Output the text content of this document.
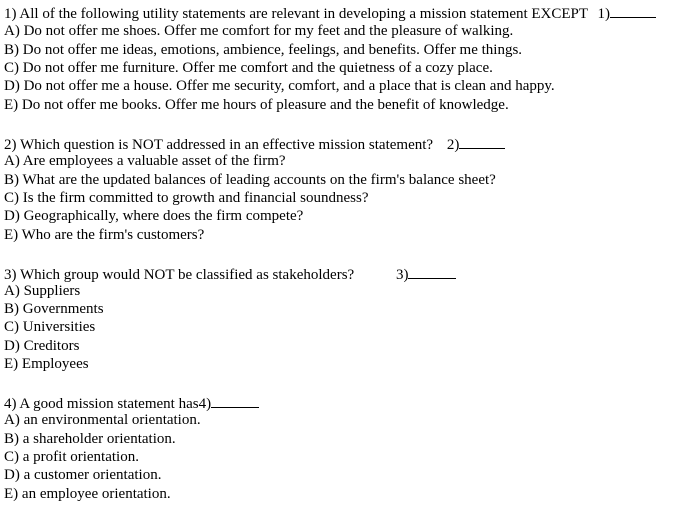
1) All of the following utility statements are relevant in developing a mission statement EXCEPT 1)
A) Do not offer me shoes. Offer me comfort for my feet and the pleasure of walking.
B) Do not offer me ideas, emotions, ambience, feelings, and benefits. Offer me things.
C) Do not offer me furniture. Offer me comfort and the quietness of a cozy place.
D) Do not offer me a house. Offer me security, comfort, and a place that is clean and happy.
E) Do not offer me books. Offer me hours of pleasure and the benefit of knowledge.
2) Which question is NOT addressed in an effective mission statement? 2)
A) Are employees a valuable asset of the firm?
B) What are the updated balances of leading accounts on the firm's balance sheet?
C) Is the firm committed to growth and financial soundness?
D) Geographically, where does the firm compete?
E) Who are the firm's customers?
3) Which group would NOT be classified as stakeholders?	3)
A) Suppliers
B) Governments
C) Universities
D) Creditors
E) Employees
4) A good mission statement has4)
A) an environmental orientation.
B) a shareholder orientation.
C) a profit orientation.
D) a customer orientation.
E) an employee orientation.
